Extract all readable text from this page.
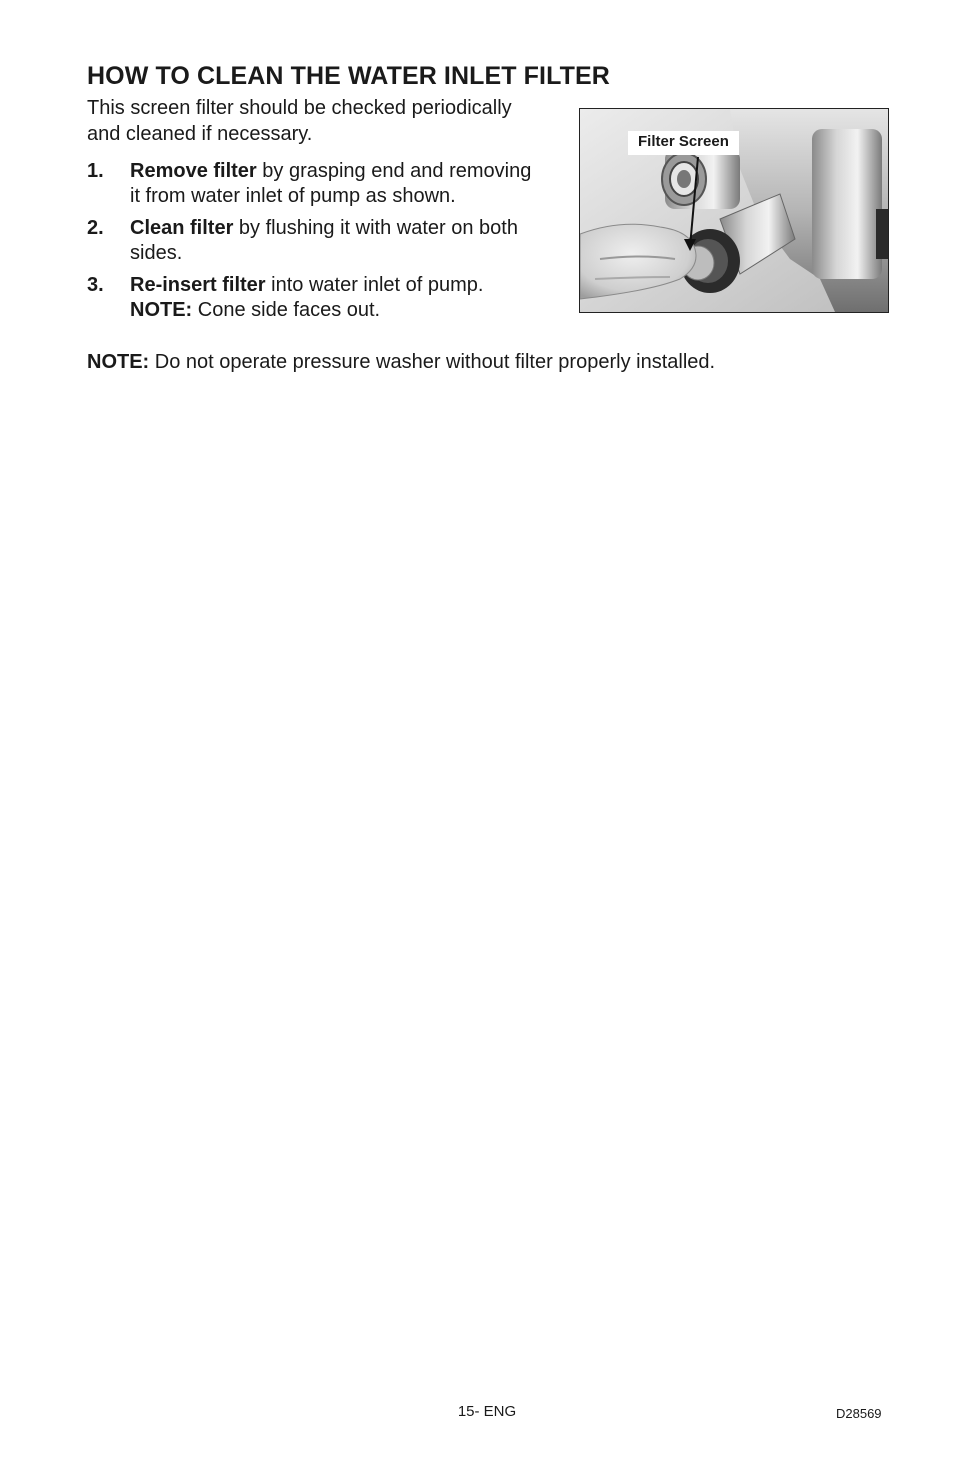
HOW TO CLEAN THE WATER INLET FILTER

This screen filter should be checked periodically and cleaned if necessary.

1. Remove filter by grasping end and removing it from water inlet of pump as shown.
2. Clean filter by flushing it with water on both sides.
3. Re-insert filter into water inlet of pump.
NOTE: Cone side faces out.

NOTE: Do not operate pressure washer without filter properly installed.

Filter Screen
15- ENG	D28569
